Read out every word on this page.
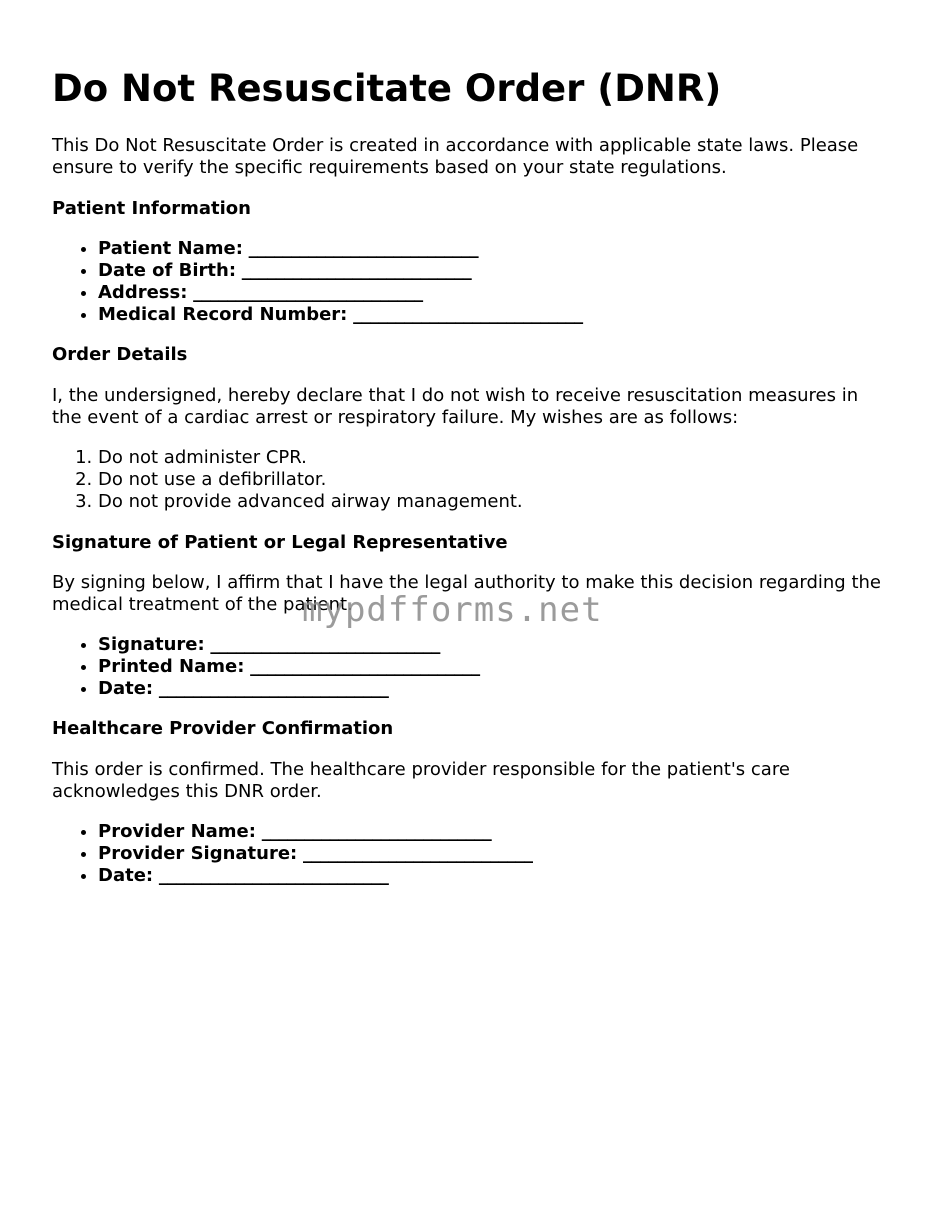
Do Not Resuscitate Order (DNR)

This Do Not Resuscitate Order is created in accordance with applicable state laws. Please ensure to verify the specific requirements based on your state regulations.

Patient Information
• Patient Name: ___________________________
• Date of Birth: ___________________________
• Address: ___________________________
• Medical Record Number: ___________________________
Order Details

I, the undersigned, hereby declare that I do not wish to receive resuscitation measures in the event of a cardiac arrest or respiratory failure. My wishes are as follows:

1. Do not administer CPR.
2. Do not use a defibrillator.
3. Do not provide advanced airway management.
Signature of Patient or Legal Representative

By signing below, I affirm that I have the legal authority to make this decision regarding the medical treatment of the patient.

• Signature: ___________________________
• Printed Name: ___________________________
• Date: ___________________________
Healthcare Provider Confirmation

This order is confirmed. The healthcare provider responsible for the patient's care acknowledges this DNR order.

• Provider Name: ___________________________
• Provider Signature: ___________________________
• Date: ___________________________
mypdfforms.net
